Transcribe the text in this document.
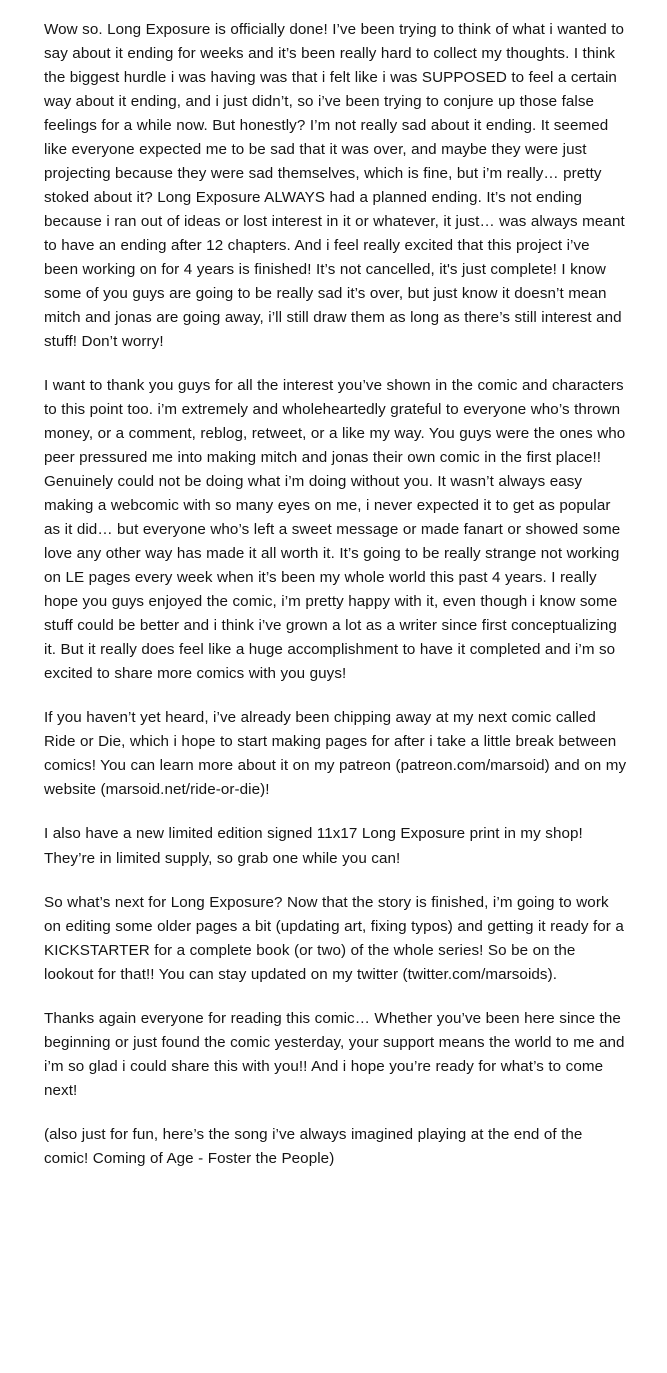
Wow so. Long Exposure is officially done! I’ve been trying to think of what i wanted to say about it ending for weeks and it’s been really hard to collect my thoughts. I think the biggest hurdle i was having was that i felt like i was SUPPOSED to feel a certain way about it ending, and i just didn’t, so i’ve been trying to conjure up those false feelings for a while now. But honestly? I’m not really sad about it ending. It seemed like everyone expected me to be sad that it was over, and maybe they were just projecting because they were sad themselves, which is fine, but i’m really… pretty stoked about it? Long Exposure ALWAYS had a planned ending. It’s not ending because i ran out of ideas or lost interest in it or whatever, it just… was always meant to have an ending after 12 chapters. And i feel really excited that this project i’ve been working on for 4 years is finished! It’s not cancelled, it's just complete! I know some of you guys are going to be really sad it’s over, but just know it doesn’t mean mitch and jonas are going away, i’ll still draw them as long as there’s still interest and stuff! Don’t worry!

I want to thank you guys for all the interest you’ve shown in the comic and characters to this point too. i’m extremely and wholeheartedly grateful to everyone who’s thrown money, or a comment, reblog, retweet, or a like my way. You guys were the ones who peer pressured me into making mitch and jonas their own comic in the first place!! Genuinely could not be doing what i’m doing without you. It wasn’t always easy making a webcomic with so many eyes on me, i never expected it to get as popular as it did… but everyone who’s left a sweet message or made fanart or showed some love any other way has made it all worth it. It’s going to be really strange not working on LE pages every week when it’s been my whole world this past 4 years. I really hope you guys enjoyed the comic, i’m pretty happy with it, even though i know some stuff could be better and i think i’ve grown a lot as a writer since first conceptualizing it. But it really does feel like a huge accomplishment to have it completed and i’m so excited to share more comics with you guys!

If you haven’t yet heard, i’ve already been chipping away at my next comic called Ride or Die, which i hope to start making pages for after i take a little break between comics! You can learn more about it on my patreon (patreon.com/marsoid) and on my website (marsoid.net/ride-or-die)!

I also have a new limited edition signed 11x17 Long Exposure print in my shop! They’re in limited supply, so grab one while you can!

So what’s next for Long Exposure? Now that the story is finished, i’m going to work on editing some older pages a bit (updating art, fixing typos) and getting it ready for a KICKSTARTER for a complete book (or two) of the whole series! So be on the lookout for that!! You can stay updated on my twitter (twitter.com/marsoids).

Thanks again everyone for reading this comic… Whether you’ve been here since the beginning or just found the comic yesterday, your support means the world to me and i’m so glad i could share this with you!! And i hope you’re ready for what’s to come next!

(also just for fun, here’s the song i’ve always imagined playing at the end of the comic! Coming of Age - Foster the People)
